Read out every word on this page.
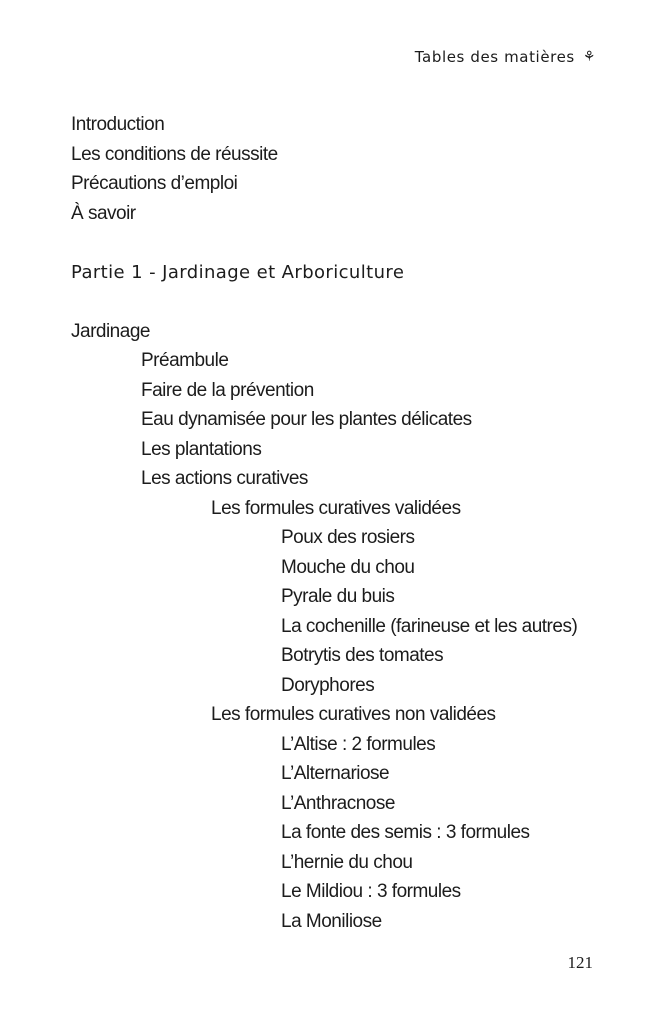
Tables des matières ⚘
Introduction
Les conditions de réussite
Précautions d’emploi
À savoir
Partie 1 - Jardinage et Arboriculture
Jardinage
Préambule
Faire de la prévention
Eau dynamisée pour les plantes délicates
Les plantations
Les actions curatives
Les formules curatives validées
Poux des rosiers
Mouche du chou
Pyrale du buis
La cochenille (farineuse et les autres)
Botrytis des tomates
Doryphores
Les formules curatives non validées
L’Altise : 2 formules
L’Alternariose
L’Anthracnose
La fonte des semis : 3 formules
L’hernie du chou
Le Mildiou : 3 formules
La Moniliose
121
